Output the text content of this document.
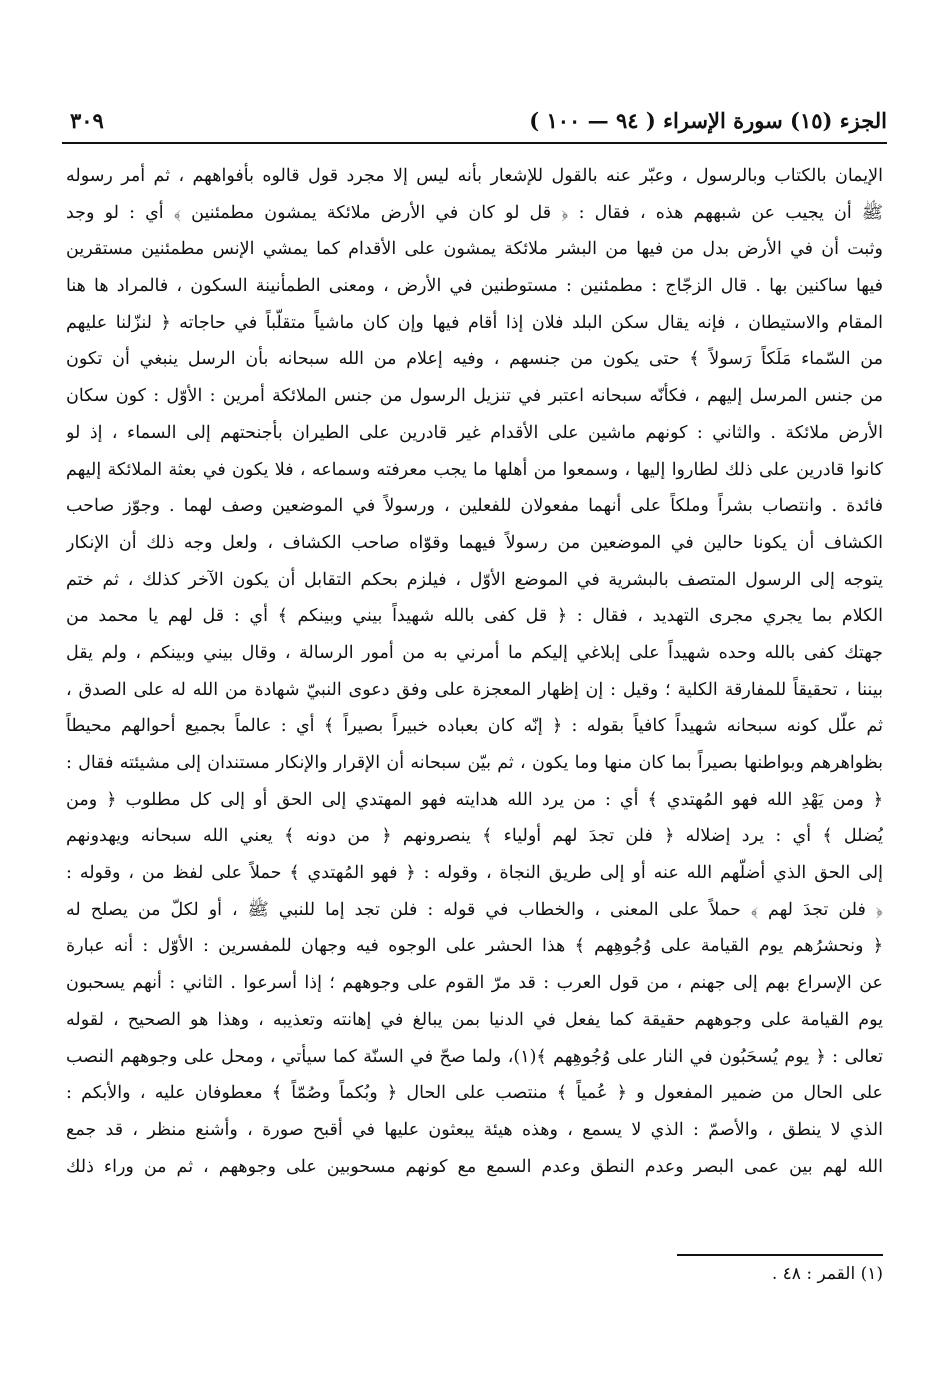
الجزء (١٥) سورة الإسراء ( ٩٤ — ١٠٠ )
٣٠٩
الإيمان بالكتاب وبالرسول ، وعبّر عنه بالقول للإشعار بأنه ليس إلا مجرد قول قالوه بأفواههم ، ثم أمر رسوله
ﷺ أن يجيب عن شبههم هذه ، فقال : ﴿ قل لو كان في الأرض ملائكة يمشون مطمئنين ﴾ أي : لو وجد
وثبت أن في الأرض بدل من فيها من البشر ملائكة يمشون على الأقدام كما يمشي الإنس مطمئنين مستقرين
فيها ساكنين بها . قال الزجّاج : مطمئنين : مستوطنين في الأرض ، ومعنى الطمأنينة السكون ، فالمراد ها هنا
المقام والاستيطان ، فإنه يقال سكن البلد فلان إذا أقام فيها وإن كان ماشياً متقلّباً في حاجاته ﴿ لنزّلنا عليهم
من السّماء مَلَكاً رَسولاً ﴾ حتى يكون من جنسهم ، وفيه إعلام من الله سبحانه بأن الرسل ينبغي أن تكون
من جنس المرسل إليهم ، فكأنّه سبحانه اعتبر في تنزيل الرسول من جنس الملائكة أمرين : الأوّل : كون سكان
الأرض ملائكة . والثاني : كونهم ماشين على الأقدام غير قادرين على الطيران بأجنحتهم إلى السماء ، إذ لو
كانوا قادرين على ذلك لطاروا إليها ، وسمعوا من أهلها ما يجب معرفته وسماعه ، فلا يكون في بعثة الملائكة إليهم
فائدة . وانتصاب بشراً وملكاً على أنهما مفعولان للفعلين ، ورسولاً في الموضعين وصف لهما . وجوّز صاحب
الكشاف أن يكونا حالين في الموضعين من رسولاً فيهما وقوّاه صاحب الكشاف ، ولعل وجه ذلك أن الإنكار
يتوجه إلى الرسول المتصف بالبشرية في الموضع الأوّل ، فيلزم بحكم التقابل أن يكون الآخر كذلك ، ثم ختم
الكلام بما يجري مجرى التهديد ، فقال : ﴿ قل كفى بالله شهيداً بيني وبينكم ﴾ أي : قل لهم يا محمد من
جهتك كفى بالله وحده شهيداً على إبلاغي إليكم ما أمرني به من أمور الرسالة ، وقال بيني وبينكم ، ولم يقل
بيننا ، تحقيقاً للمفارقة الكلية ؛ وقيل : إن إظهار المعجزة على وفق دعوى النبيّ شهادة من الله له على الصدق ،
ثم علّل كونه سبحانه شهيداً كافياً بقوله : ﴿ إنّه كان بعباده خبيراً بصيراً ﴾ أي : عالماً بجميع أحوالهم محيطاً
بظواهرهم وبواطنها بصيراً بما كان منها وما يكون ، ثم بيّن سبحانه أن الإقرار والإنكار مستندان إلى مشيئته فقال :
﴿ ومن يَهْدِ الله فهو المُهتدي ﴾ أي : من يرد الله هدايته فهو المهتدي إلى الحق أو إلى كل مطلوب ﴿ ومن
يُضلل ﴾ أي : يرد إضلاله ﴿ فلن تجدَ لهم أولياء ﴾ ينصرونهم ﴿ من دونه ﴾ يعني الله سبحانه ويهدونهم
إلى الحق الذي أضلّهم الله عنه أو إلى طريق النجاة ، وقوله : ﴿ فهو المُهتدي ﴾ حملاً على لفظ من ، وقوله :
﴿ فلن تجدَ لهم ﴾ حملاً على المعنى ، والخطاب في قوله : فلن تجد إما للنبي ﷺ ، أو لكلّ من يصلح له
﴿ ونحشرُهم يوم القيامة على وُجُوهِهم ﴾ هذا الحشر على الوجوه فيه وجهان للمفسرين : الأوّل : أنه عبارة
عن الإسراع بهم إلى جهنم ، من قول العرب : قد مرّ القوم على وجوههم ؛ إذا أسرعوا . الثاني : أنهم يسحبون
يوم القيامة على وجوههم حقيقة كما يفعل في الدنيا بمن يبالغ في إهانته وتعذيبه ، وهذا هو الصحيح ، لقوله
تعالى : ﴿ يوم يُسحَبُون في النار على وُجُوهِهم ﴾(١)، ولما صحّ في السنّة كما سيأتي ، ومحل على وجوههم النصب
على الحال من ضمير المفعول و ﴿ عُمياً ﴾ منتصب على الحال ﴿ وبُكماً وصُمّاً ﴾ معطوفان عليه ، والأبكم :
الذي لا ينطق ، والأصمّ : الذي لا يسمع ، وهذه هيئة يبعثون عليها في أقبح صورة ، وأشنع منظر ، قد جمع
الله لهم بين عمى البصر وعدم النطق وعدم السمع مع كونهم مسحوبين على وجوههم ، ثم من وراء ذلك
(١) القمر : ٤٨ .
